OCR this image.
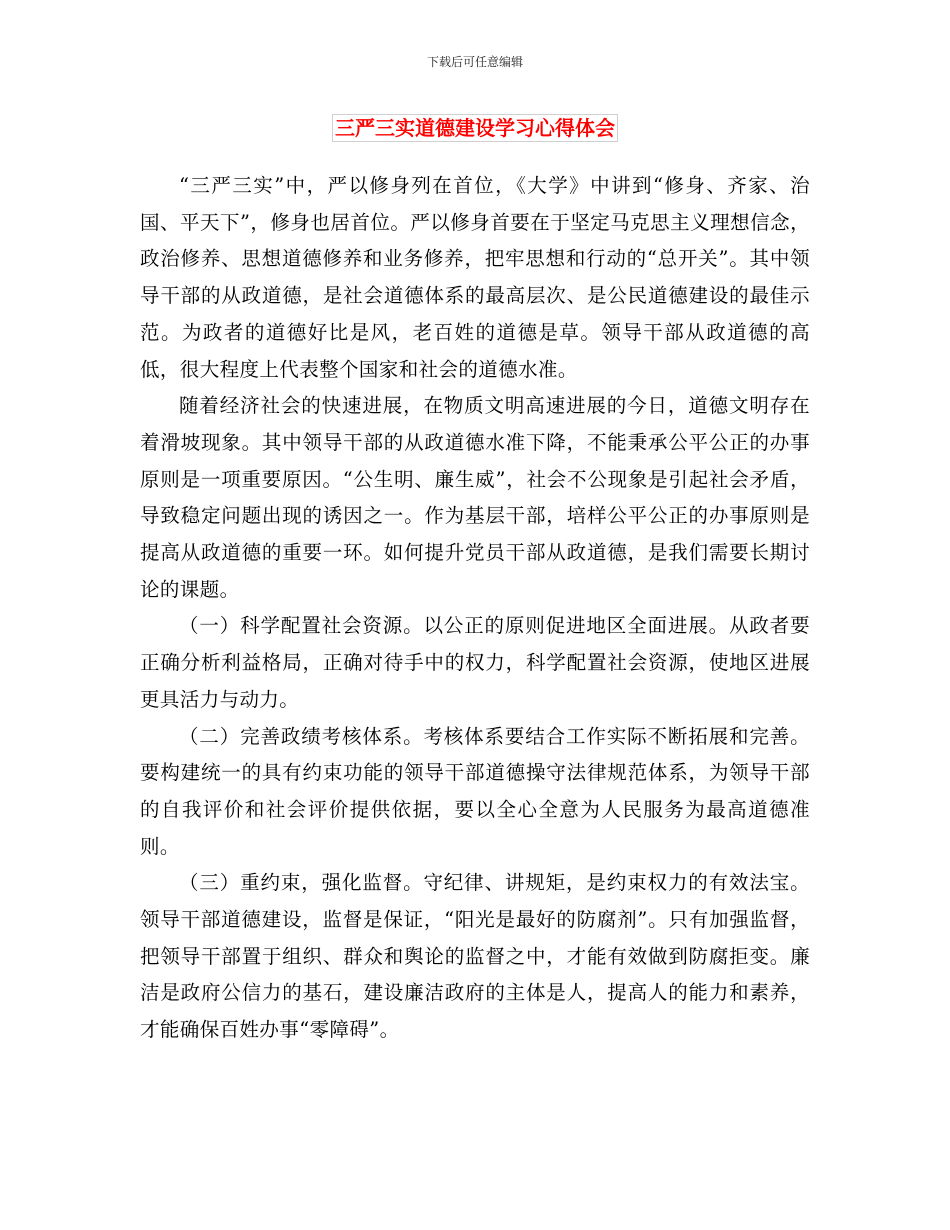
下载后可任意编辑
三严三实道德建设学习心得体会

“三严三实”中，严以修身列在首位，《大学》中讲到“修身、齐家、治国、平天下”，修身也居首位。严以修身首要在于坚定马克思主义理想信念，政治修养、思想道德修养和业务修养，把牢思想和行动的“总开关”。其中领导干部的从政道德，是社会道德体系的最高层次、是公民道德建设的最佳示范。为政者的道德好比是风，老百姓的道德是草。领导干部从政道德的高低，很大程度上代表整个国家和社会的道德水准。

随着经济社会的快速进展，在物质文明高速进展的今日，道德文明存在着滑坡现象。其中领导干部的从政道德水准下降，不能秉承公平公正的办事原则是一项重要原因。“公生明、廉生威”，社会不公现象是引起社会矛盾，导致稳定问题出现的诱因之一。作为基层干部，培样公平公正的办事原则是提高从政道德的重要一环。如何提升党员干部从政道德，是我们需要长期讨论的课题。

（一）科学配置社会资源。以公正的原则促进地区全面进展。从政者要正确分析利益格局，正确对待手中的权力，科学配置社会资源，使地区进展更具活力与动力。

（二）完善政绩考核体系。考核体系要结合工作实际不断拓展和完善。要构建统一的具有约束功能的领导干部道德操守法律规范体系，为领导干部的自我评价和社会评价提供依据，要以全心全意为人民服务为最高道德准则。

（三）重约束，强化监督。守纪律、讲规矩，是约束权力的有效法宝。领导干部道德建设，监督是保证，“阳光是最好的防腐剂”。只有加强监督，把领导干部置于组织、群众和舆论的监督之中，才能有效做到防腐拒变。廉洁是政府公信力的基石，建设廉洁政府的主体是人，提高人的能力和素养，才能确保百姓办事“零障碍”。
